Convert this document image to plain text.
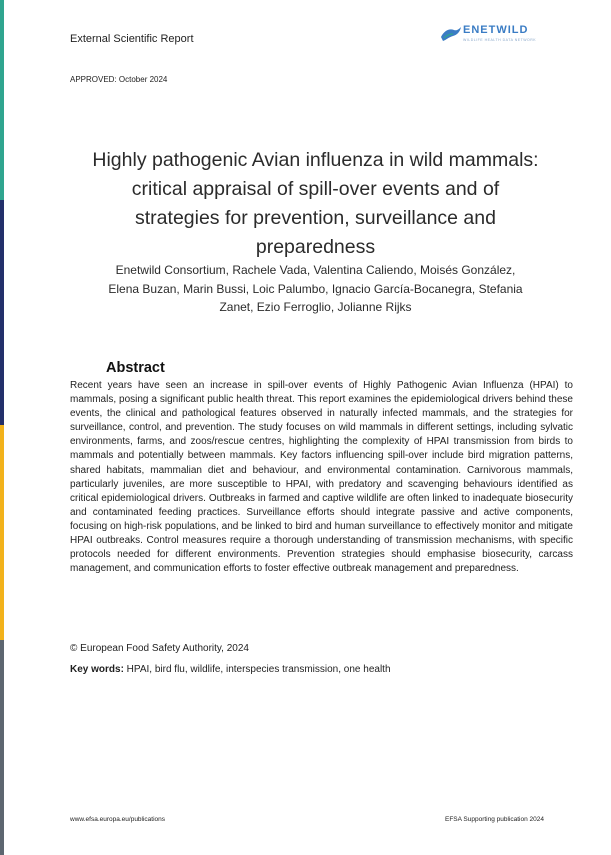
External Scientific Report
ENETWILD
WILDLIFE HEALTH DATA NETWORK
APPROVED: October 2024
Highly pathogenic Avian influenza in wild mammals:
critical appraisal of spill-over events and of
strategies for prevention, surveillance and
preparedness
Enetwild Consortium, Rachele Vada, Valentina Caliendo, Moisés González,
Elena Buzan, Marin Bussi, Loic Palumbo, Ignacio García-Bocanegra, Stefania
Zanet, Ezio Ferroglio, Jolianne Rijks
Abstract
Recent years have seen an increase in spill-over events of Highly Pathogenic Avian Influenza (HPAI) to mammals, posing a significant public health threat. This report examines the epidemiological drivers behind these events, the clinical and pathological features observed in naturally infected mammals, and the strategies for surveillance, control, and prevention. The study focuses on wild mammals in different settings, including sylvatic environments, farms, and zoos/rescue centres, highlighting the complexity of HPAI transmission from birds to mammals and potentially between mammals. Key factors influencing spill-over include bird migration patterns, shared habitats, mammalian diet and behaviour, and environmental contamination. Carnivorous mammals, particularly juveniles, are more susceptible to HPAI, with predatory and scavenging behaviours identified as critical epidemiological drivers. Outbreaks in farmed and captive wildlife are often linked to inadequate biosecurity and contaminated feeding practices. Surveillance efforts should integrate passive and active components, focusing on high-risk populations, and be linked to bird and human surveillance to effectively monitor and mitigate HPAI outbreaks. Control measures require a thorough understanding of transmission mechanisms, with specific protocols needed for different environments. Prevention strategies should emphasise biosecurity, carcass management, and communication efforts to foster effective outbreak management and preparedness.
© European Food Safety Authority, 2024
Key words: HPAI, bird flu, wildlife, interspecies transmission, one health
www.efsa.europa.eu/publications	EFSA Supporting publication 2024
